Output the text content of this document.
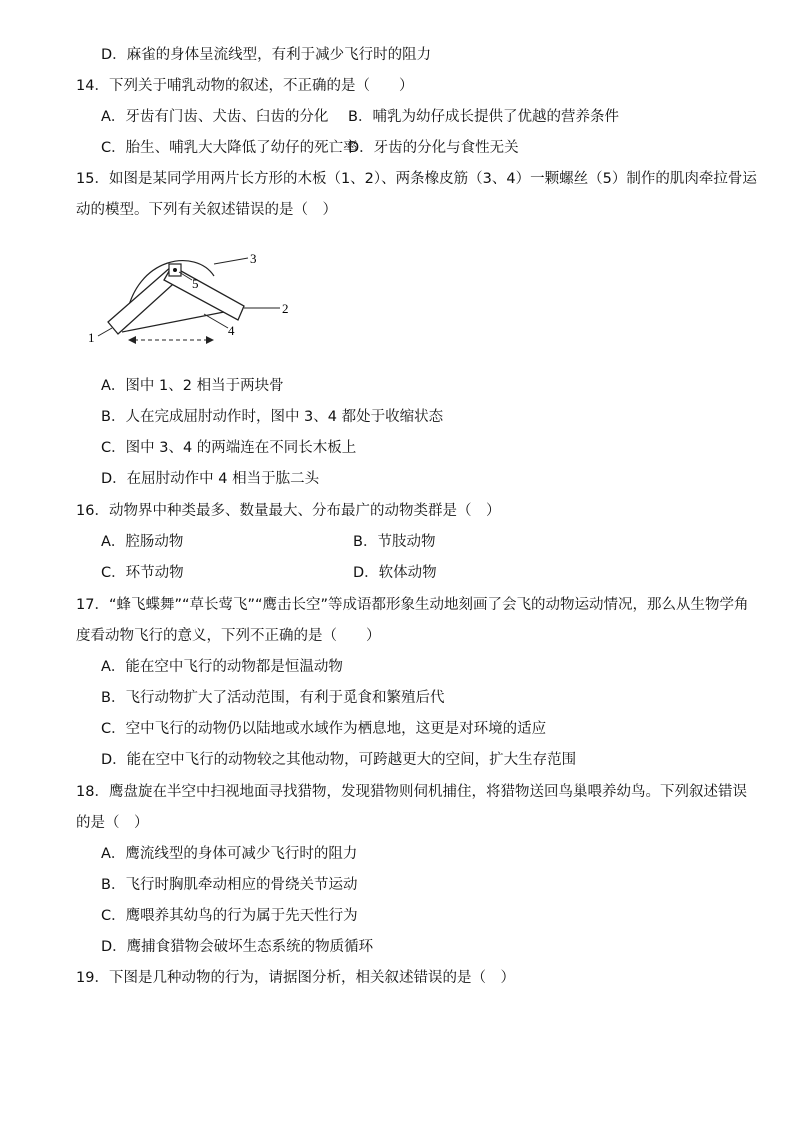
D．麻雀的身体呈流线型，有利于减少飞行时的阻力
14．下列关于哺乳动物的叙述，不正确的是（　　）
A．牙齿有门齿、犬齿、臼齿的分化 B．哺乳为幼仔成长提供了优越的营养条件
C．胎生、哺乳大大降低了幼仔的死亡率
D．牙齿的分化与食性无关
15．如图是某同学用两片长方形的木板（1、2）、两条橡皮筋（3、4）一颗螺丝（5）制作的肌肉牵拉骨运
动的模型。下列有关叙述错误的是（　）
3
2
1	4
5
A．图中 1、2 相当于两块骨
B．人在完成屈肘动作时，图中 3、4 都处于收缩状态
C．图中 3、4 的两端连在不同长木板上
D．在屈肘动作中 4 相当于肱二头
16．动物界中种类最多、数量最大、分布最广的动物类群是（　）
A．腔肠动物	B．节肢动物
C．环节动物	D．软体动物
17．“蜂飞蝶舞”“草长莺飞”“鹰击长空”等成语都形象生动地刻画了会飞的动物运动情况，那么从生物学角
度看动物飞行的意义，下列不正确的是（　　）
A．能在空中飞行的动物都是恒温动物
B．飞行动物扩大了活动范围，有利于觅食和繁殖后代
C．空中飞行的动物仍以陆地或水域作为栖息地，这更是对环境的适应
D．能在空中飞行的动物较之其他动物，可跨越更大的空间，扩大生存范围
18．鹰盘旋在半空中扫视地面寻找猎物，发现猎物则伺机捕住，将猎物送回鸟巢喂养幼鸟。下列叙述错误
的是（　）
A．鹰流线型的身体可减少飞行时的阻力
B．飞行时胸肌牵动相应的骨绕关节运动
C．鹰喂养其幼鸟的行为属于先天性行为
D．鹰捕食猎物会破坏生态系统的物质循环
19．下图是几种动物的行为，请据图分析，相关叙述错误的是（　）
